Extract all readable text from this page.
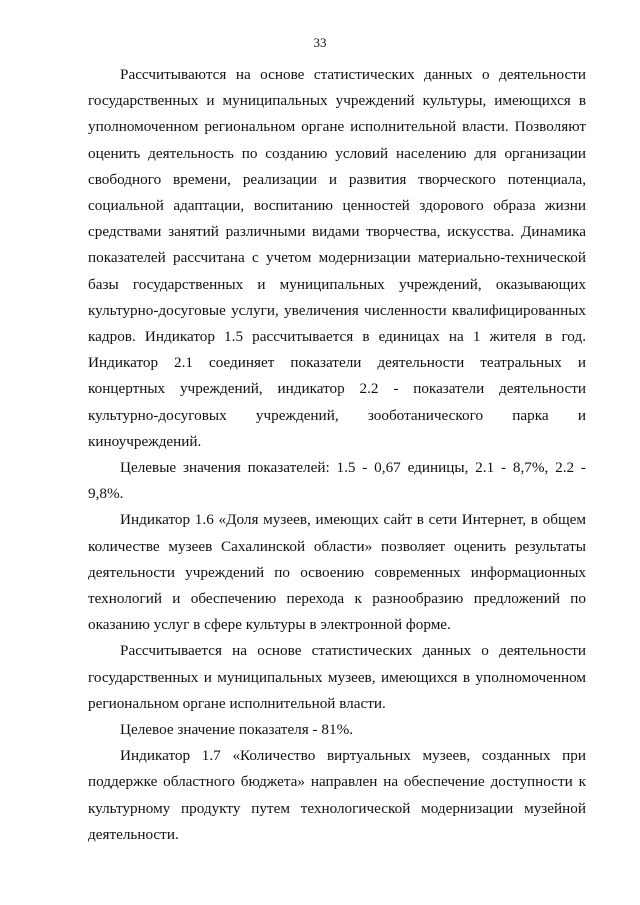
33

Рассчитываются на основе статистических данных о деятельности государственных и муниципальных учреждений культуры, имеющихся в уполномоченном региональном органе исполнительной власти. Позволяют оценить деятельность по созданию условий населению для организации свободного времени, реализации и развития творческого потенциала, социальной адаптации, воспитанию ценностей здорового образа жизни средствами занятий различными видами творчества, искусства. Динамика показателей рассчитана с учетом модернизации материально-технической базы государственных и муниципальных учреждений, оказывающих культурно-досуговые услуги, увеличения численности квалифицированных кадров. Индикатор 1.5 рассчитывается в единицах на 1 жителя в год. Индикатор 2.1 соединяет показатели деятельности театральных и концертных учреждений, индикатор 2.2 - показатели деятельности культурно-досуговых учреждений, зооботанического парка и киноучреждений.

Целевые значения показателей: 1.5 - 0,67 единицы, 2.1 - 8,7%, 2.2 - 9,8%.

Индикатор 1.6 «Доля музеев, имеющих сайт в сети Интернет, в общем количестве музеев Сахалинской области» позволяет оценить результаты деятельности учреждений по освоению современных информационных технологий и обеспечению перехода к разнообразию предложений по оказанию услуг в сфере культуры в электронной форме.

Рассчитывается на основе статистических данных о деятельности государственных и муниципальных музеев, имеющихся в уполномоченном региональном органе исполнительной власти.

Целевое значение показателя - 81%.

Индикатор 1.7 «Количество виртуальных музеев, созданных при поддержке областного бюджета» направлен на обеспечение доступности к культурному продукту путем технологической модернизации музейной деятельности.
